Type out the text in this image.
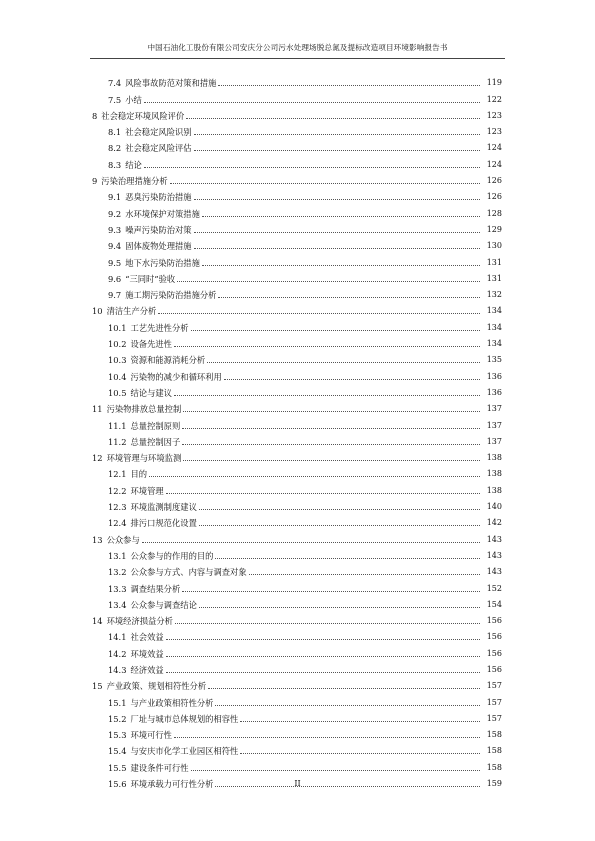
中国石油化工股份有限公司安庆分公司污水处理场脱总氮及提标改造项目环境影响报告书
7.4 风险事故防范对策和措施	119
7.5 小结	122
8 社会稳定环境风险评价	123
8.1 社会稳定风险识别	123
8.2 社会稳定风险评估	124
8.3 结论	124
9 污染治理措施分析	126
9.1 恶臭污染防治措施	126
9.2 水环境保护对策措施	128
9.3 噪声污染防治对策	129
9.4 固体废物处理措施	130
9.5 地下水污染防治措施	131
9.6 “三同时”验收	131
9.7 施工期污染防治措施分析	132
10 清洁生产分析	134
10.1 工艺先进性分析	134
10.2 设备先进性	134
10.3 资源和能源消耗分析	135
10.4 污染物的减少和循环利用	136
10.5 结论与建议	136
11 污染物排放总量控制	137
11.1 总量控制原则	137
11.2 总量控制因子	137
12 环境管理与环境监测	138
12.1 目的	138
12.2 环境管理	138
12.3 环境监测制度建议	140
12.4 排污口规范化设置	142
13 公众参与	143
13.1 公众参与的作用的目的	143
13.2 公众参与方式、内容与调查对象	143
13.3 调查结果分析	152
13.4 公众参与调查结论	154
14 环境经济损益分析	156
14.1 社会效益	156
14.2 环境效益	156
14.3 经济效益	156
15 产业政策、规划相符性分析	157
15.1 与产业政策相符性分析	157
15.2 厂址与城市总体规划的相容性	157
15.3 环境可行性	158
15.4 与安庆市化学工业园区相符性	158
15.5 建设条件可行性	158
15.6 环境承载力可行性分析	159
II
